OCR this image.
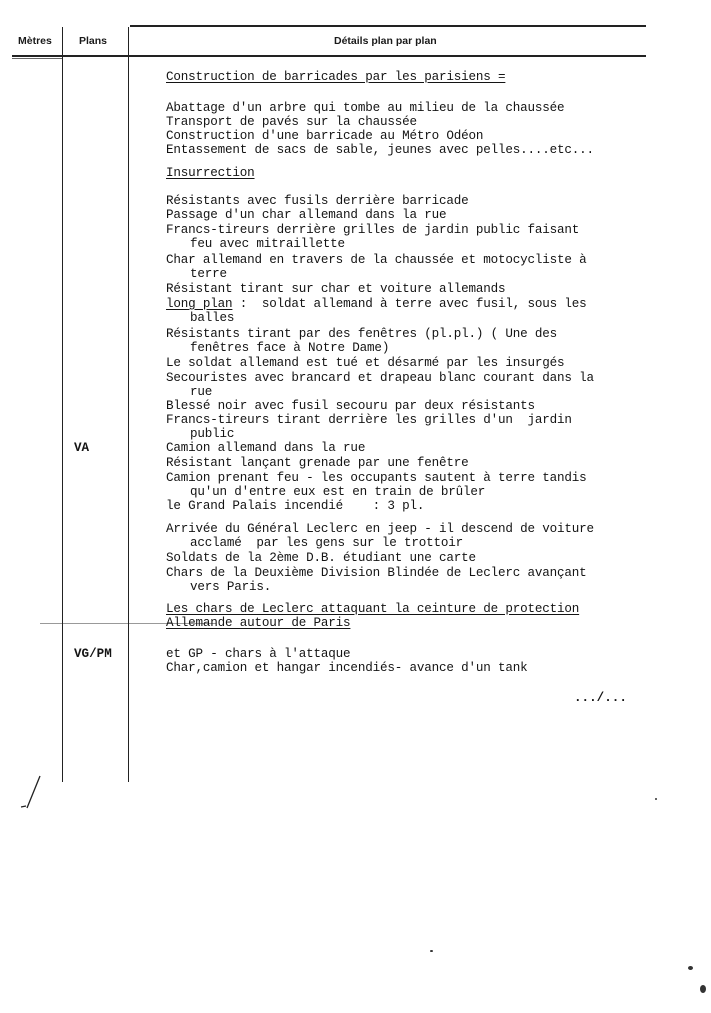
Mètres	Plans	Détails plan par plan
Construction de barricades par les parisiens =
Abattage d'un arbre qui tombe au milieu de la chaussée
Transport de pavés sur la chaussée
Construction d'une barricade au Métro Odéon
Entassement de sacs de sable, jeunes avec pelles....etc...
Insurrection
Résistants avec fusils derrière barricade
Passage d'un char allemand dans la rue
Francs-tireurs derrière grilles de jardin public faisant
feu avec mitraillette
Char allemand en travers de la chaussée et motocycliste à
terre
Résistant tirant sur char et voiture allemands
long plan :  soldat allemand à terre avec fusil, sous les
balles
Résistants tirant par des fenêtres (pl.pl.) ( Une des
fenêtres face à Notre Dame)
Le soldat allemand est tué et désarmé par les insurgés
Secouristes avec brancard et drapeau blanc courant dans la
rue
Blessé noir avec fusil secouru par deux résistants
Francs-tireurs tirant derrière les grilles d'un  jardin
public
Camion allemand dans la rue
Résistant lançant grenade par une fenêtre
Camion prenant feu - les occupants sautent à terre tandis
qu'un d'entre eux est en train de brûler
le Grand Palais incendié    : 3 pl.
Arrivée du Général Leclerc en jeep - il descend de voiture
acclamé  par les gens sur le trottoir
Soldats de la 2ème D.B. étudiant une carte
Chars de la Deuxième Division Blindée de Leclerc avançant
vers Paris.
Les chars de Leclerc attaquant la ceinture de protection
Allemande autour de Paris
et GP - chars à l'attaque
Char,camion et hangar incendiés- avance d'un tank
.../...
VA
VG/PM
